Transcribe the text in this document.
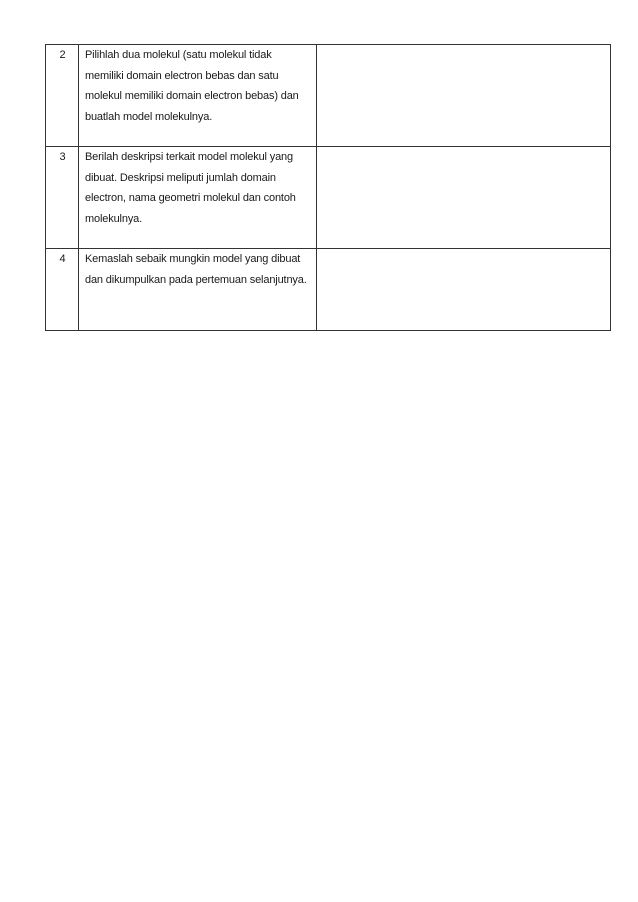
2	Pilihlah dua molekul (satu molekul tidak memiliki domain electron bebas dan satu molekul memiliki domain electron bebas) dan buatlah model molekulnya.	

3	Berilah deskripsi terkait model molekul yang dibuat. Deskripsi meliputi jumlah domain electron, nama geometri molekul dan contoh molekulnya.	

4	Kemaslah sebaik mungkin model yang dibuat dan dikumpulkan pada pertemuan selanjutnya.	
